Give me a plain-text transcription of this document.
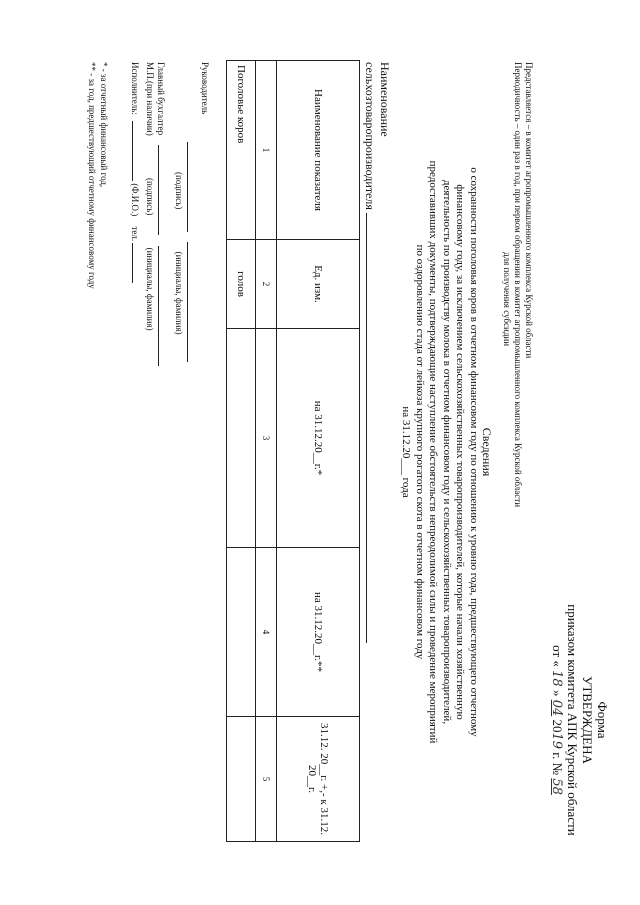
Форма
УТВЕРЖДЕНА
приказом комитета АПК Курской области
от « 18 » 04 2019 г. № 58
Представляется – в комитет агропромышленного комплекса Курской области
Периодичность – один раз в год, при первом обращении в комитет агропромышленного комплекса Курской области
для получения субсидии
Сведения
о сохранности поголовья коров в отчетном финансовом году по отношению к уровню года, предшествующего отчетному
финансовому году, за исключением сельскохозяйственных товаропроизводителей, которые начали хозяйственную
деятельность по производству молока в отчетном финансовом году и сельскохозяйственных товаропроизводителей,
предоставивших документы, подтверждающие наступление обстоятельств непреодолимой силы и проведение мероприятий
по оздоровлению стада от лейкоза крупного рогатого скота в отчетном финансовом году
на 31.12.20___ года
Наименование
сельхозтоваропроизводителя
Наименование показателя	Ед. изм.	на 31.12.20__г.*	на 31.12.20__г.**	31.12. 20__г. +,- к 31.12. 20__г.
1	2	3	4	5
Поголовье коров	голов			
Руководитель

(подпись) (инициалы, фамилия)
Главный бухгалтер
М.П.(при наличии) (подпись) (инициалы, фамилия)
Исполнитель:  (Ф.И.О.) тел.
* - за отчетный финансовый год,
** - за год, предшествующий отчетному финансовому году
